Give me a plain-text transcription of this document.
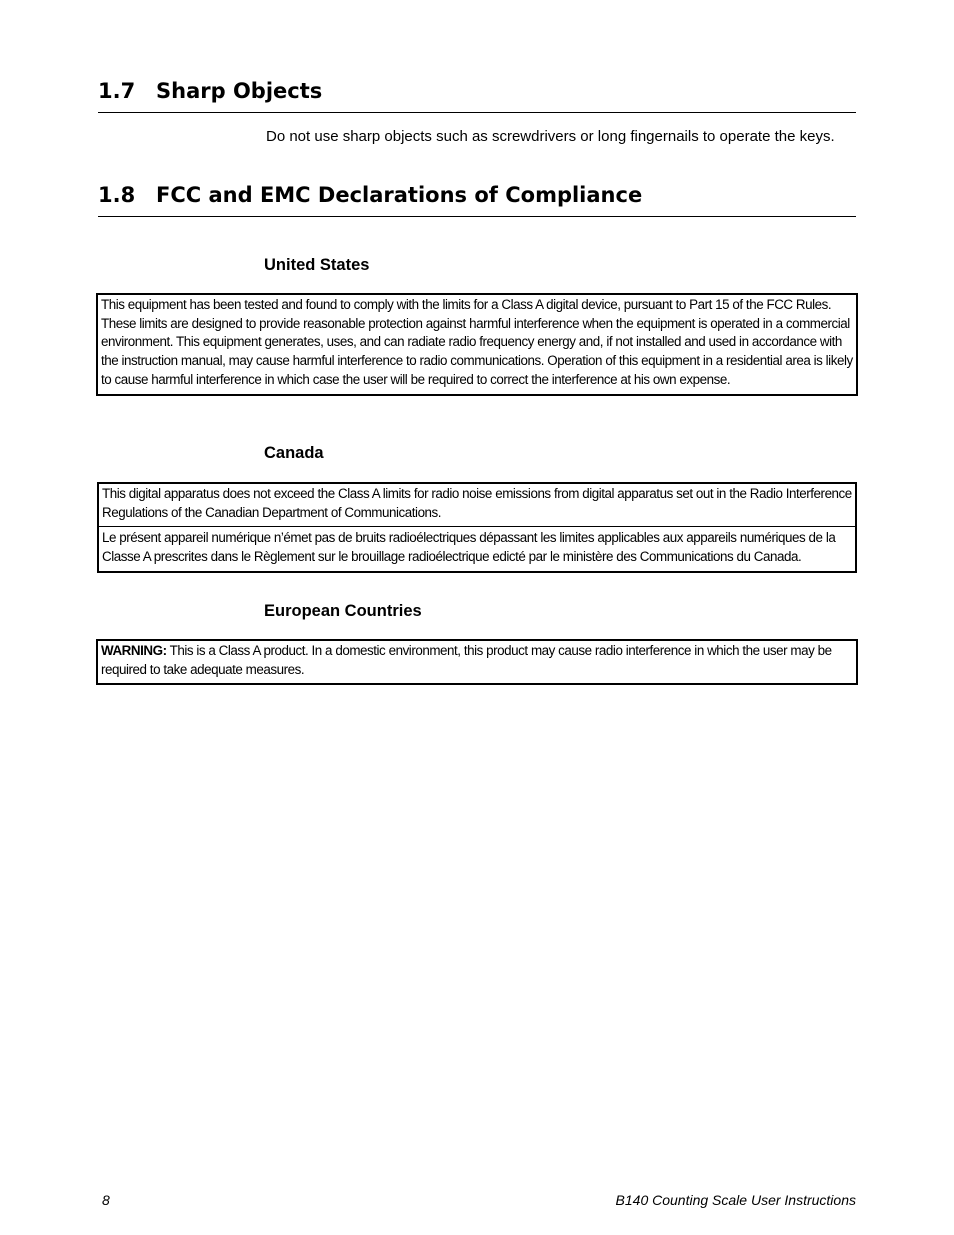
1.7 Sharp Objects
Do not use sharp objects such as screwdrivers or long fingernails to operate the keys.
1.8 FCC and EMC Declarations of Compliance
United States
This equipment has been tested and found to comply with the limits for a Class A digital device, pursuant to Part 15 of the FCC Rules. These limits are designed to provide reasonable protection against harmful interference when the equipment is operated in a commercial environment. This equipment generates, uses, and can radiate radio frequency energy and, if not installed and used in accordance with the instruction manual, may cause harmful interference to radio communications. Operation of this equipment in a residential area is likely to cause harmful interference in which case the user will be required to correct the interference at his own expense.
Canada
This digital apparatus does not exceed the Class A limits for radio noise emissions from digital apparatus set out in the Radio Interference Regulations of the Canadian Department of Communications.
Le présent appareil numérique n’émet pas de bruits radioélectriques dépassant les limites applicables aux appareils numériques de la Classe A prescrites dans le Règlement sur le brouillage radioélectrique edicté par le ministère des Communications du Canada.
European Countries
WARNING: This is a Class A product. In a domestic environment, this product may cause radio interference in which the user may be required to take adequate measures.
8	B140 Counting Scale User Instructions
